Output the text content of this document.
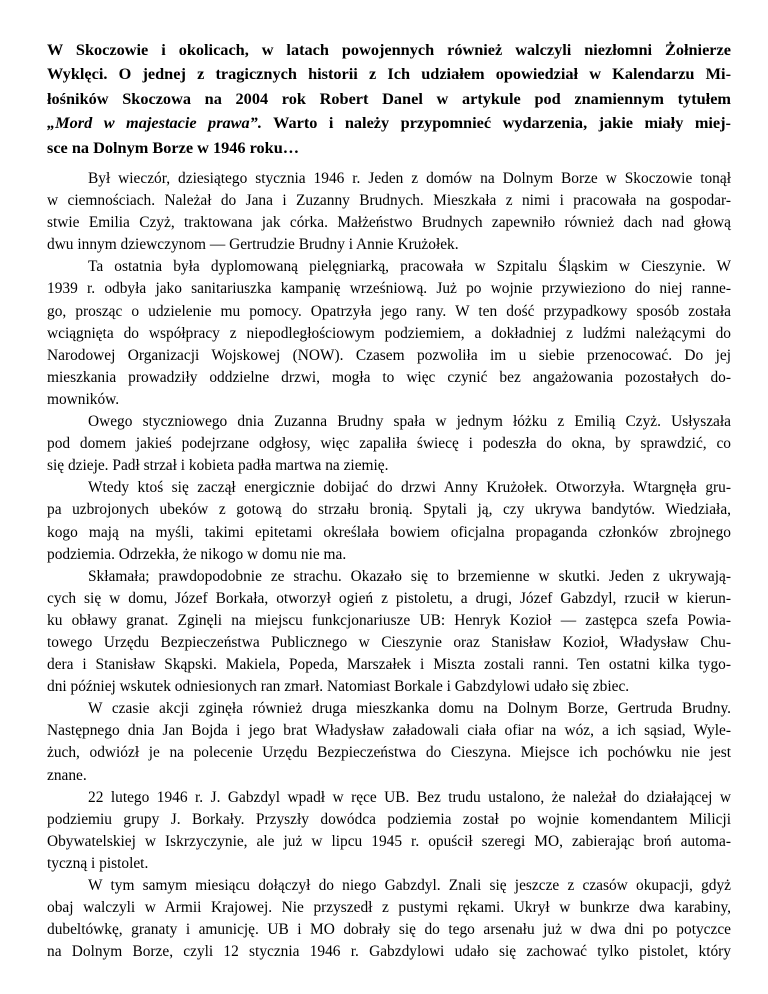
W Skoczowie i okolicach, w latach powojennych również walczyli niezłomni Żołnierze
Wyklęci. O jednej z tragicznych historii z Ich udziałem opowiedział w Kalendarzu Mi-
łośników Skoczowa na 2004 rok Robert Danel w artykule pod znamiennym tytułem
„Mord w majestacie prawa”. Warto i należy przypomnieć wydarzenia, jakie miały miej-
sce na Dolnym Borze w 1946 roku…
Był wieczór, dziesiątego stycznia 1946 r. Jeden z domów na Dolnym Borze w Skoczowie tonął
w ciemnościach. Należał do Jana i Zuzanny Brudnych. Mieszkała z nimi i pracowała na gospodar-
stwie Emilia Czyż, traktowana jak córka. Małżeństwo Brudnych zapewniło również dach nad głową
dwu innym dziewczynom — Gertrudzie Brudny i Annie Krużołek.
Ta ostatnia była dyplomowaną pielęgniarką, pracowała w Szpitalu Śląskim w Cieszynie. W
1939 r. odbyła jako sanitariuszka kampanię wrześniową. Już po wojnie przywieziono do niej ranne-
go, prosząc o udzielenie mu pomocy. Opatrzyła jego rany. W ten dość przypadkowy sposób została
wciągnięta do współpracy z niepodległościowym podziemiem, a dokładniej z ludźmi należącymi do
Narodowej Organizacji Wojskowej (NOW). Czasem pozwoliła im u siebie przenocować. Do jej
mieszkania prowadziły oddzielne drzwi, mogła to więc czynić bez angażowania pozostałych do-
mowników.
Owego styczniowego dnia Zuzanna Brudny spała w jednym łóżku z Emilią Czyż. Usłyszała
pod domem jakieś podejrzane odgłosy, więc zapaliła świecę i podeszła do okna, by sprawdzić, co
się dzieje. Padł strzał i kobieta padła martwa na ziemię.
Wtedy ktoś się zaczął energicznie dobijać do drzwi Anny Krużołek. Otworzyła. Wtargnęła gru-
pa uzbrojonych ubeków z gotową do strzału bronią. Spytali ją, czy ukrywa bandytów. Wiedziała,
kogo mają na myśli, takimi epitetami określała bowiem oficjalna propaganda członków zbrojnego
podziemia. Odrzekła, że nikogo w domu nie ma.
Skłamała; prawdopodobnie ze strachu. Okazało się to brzemienne w skutki. Jeden z ukrywają-
cych się w domu, Józef Borkała, otworzył ogień z pistoletu, a drugi, Józef Gabzdyl, rzucił w kierun-
ku obławy granat. Zginęli na miejscu funkcjonariusze UB: Henryk Kozioł — zastępca szefa Powia-
towego Urzędu Bezpieczeństwa Publicznego w Cieszynie oraz Stanisław Kozioł, Władysław Chu-
dera i Stanisław Skąpski. Makiela, Popeda, Marszałek i Miszta zostali ranni. Ten ostatni kilka tygo-
dni później wskutek odniesionych ran zmarł. Natomiast Borkale i Gabzdylowi udało się zbiec.
W czasie akcji zginęła również druga mieszkanka domu na Dolnym Borze, Gertruda Brudny.
Następnego dnia Jan Bojda i jego brat Władysław załadowali ciała ofiar na wóz, a ich sąsiad, Wyle-
żuch, odwiózł je na polecenie Urzędu Bezpieczeństwa do Cieszyna. Miejsce ich pochówku nie jest
znane.
22 lutego 1946 r. J. Gabzdyl wpadł w ręce UB. Bez trudu ustalono, że należał do działającej w
podziemiu grupy J. Borkały. Przyszły dowódca podziemia został po wojnie komendantem Milicji
Obywatelskiej w Iskrzyczynie, ale już w lipcu 1945 r. opuścił szeregi MO, zabierając broń automa-
tyczną i pistolet.
W tym samym miesiącu dołączył do niego Gabzdyl. Znali się jeszcze z czasów okupacji, gdyż
obaj walczyli w Armii Krajowej. Nie przyszedł z pustymi rękami. Ukrył w bunkrze dwa karabiny,
dubeltówkę, granaty i amunicję. UB i MO dobrały się do tego arsenału już w dwa dni po potyczce
na Dolnym Borze, czyli 12 stycznia 1946 r. Gabzdylowi udało się zachować tylko pistolet, który
